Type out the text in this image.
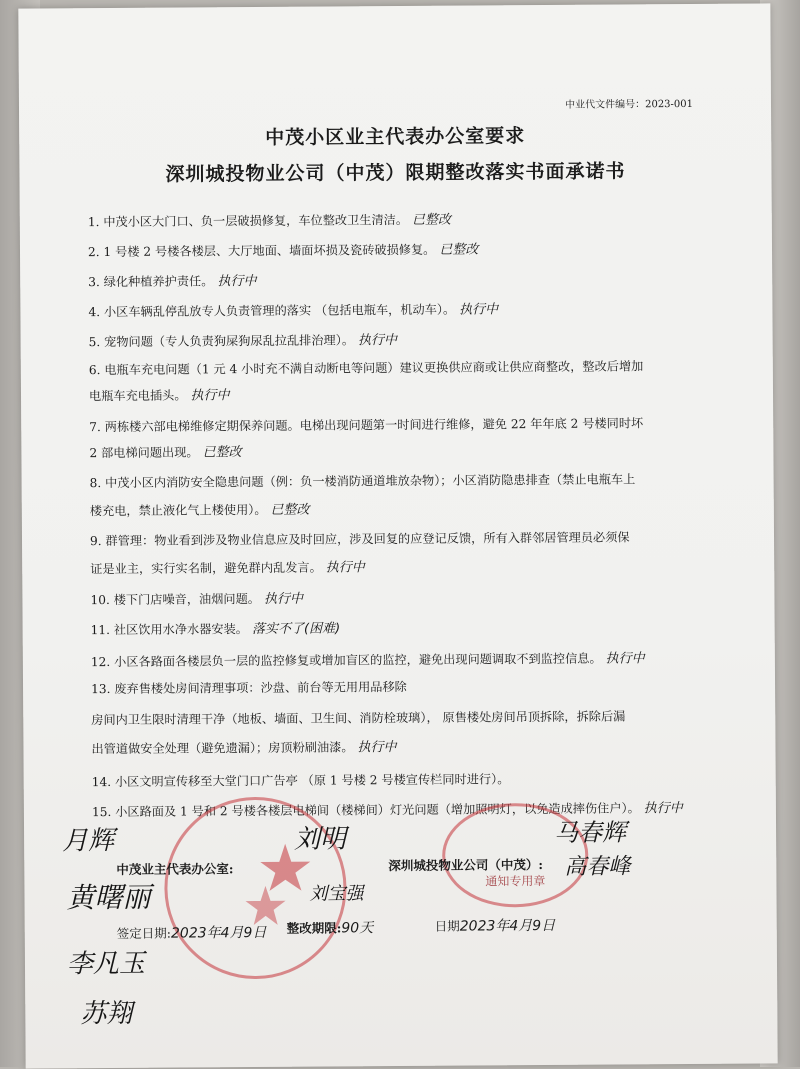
中业代文件编号：2023-001
中茂小区业主代表办公室要求
深圳城投物业公司（中茂）限期整改落实书面承诺书
1. 中茂小区大门口、负一层破损修复，车位整改卫生清洁。 已整改
2. 1 号楼 2 号楼各楼层、大厅地面、墙面坏损及瓷砖破损修复。 已整改
3. 绿化种植养护责任。 执行中
4. 小区车辆乱停乱放专人负责管理的落实 （包括电瓶车，机动车）。 执行中
5. 宠物问题（专人负责狗屎狗尿乱拉乱排治理）。 执行中
6. 电瓶车充电问题（1 元 4 小时充不满自动断电等问题）建议更换供应商或让供应商整改，整改后增加
电瓶车充电插头。 执行中
7. 两栋楼六部电梯维修定期保养问题。电梯出现问题第一时间进行维修，避免 22 年年底 2 号楼同时坏
2 部电梯问题出现。 已整改
8. 中茂小区内消防安全隐患问题（例：负一楼消防通道堆放杂物）；小区消防隐患排查（禁止电瓶车上
楼充电，禁止液化气上楼使用）。 已整改
9. 群管理：物业看到涉及物业信息应及时回应，涉及回复的应登记反馈，所有入群邻居管理员必须保
证是业主，实行实名制，避免群内乱发言。 执行中
10. 楼下门店噪音，油烟问题。 执行中
11. 社区饮用水净水器安装。 落实不了(困难)
12. 小区各路面各楼层负一层的监控修复或增加盲区的监控，避免出现问题调取不到监控信息。 执行中
13. 废弃售楼处房间清理事项：沙盘、前台等无用用品移除
房间内卫生限时清理干净（地板、墙面、卫生间、消防栓玻璃）， 原售楼处房间吊顶拆除，拆除后漏
出管道做安全处理（避免遗漏）；房顶粉刷油漆。 执行中
14. 小区文明宣传移至大堂门口广告亭 （原 1 号楼 2 号楼宣传栏同时进行）。
15. 小区路面及 1 号和 2 号楼各楼层电梯间（楼梯间）灯光问题（增加照明灯，以免造成摔伤住户）。 执行中
通知专用章
中茂业主代表办公室:	深圳城投物业公司（中茂）:
签定日期:2023年4月9日 整改期限:90天	日期2023年4月9日
月辉
黄曙丽
刘明
刘宝强
马春辉
李凡玉
苏翔
高春峰
